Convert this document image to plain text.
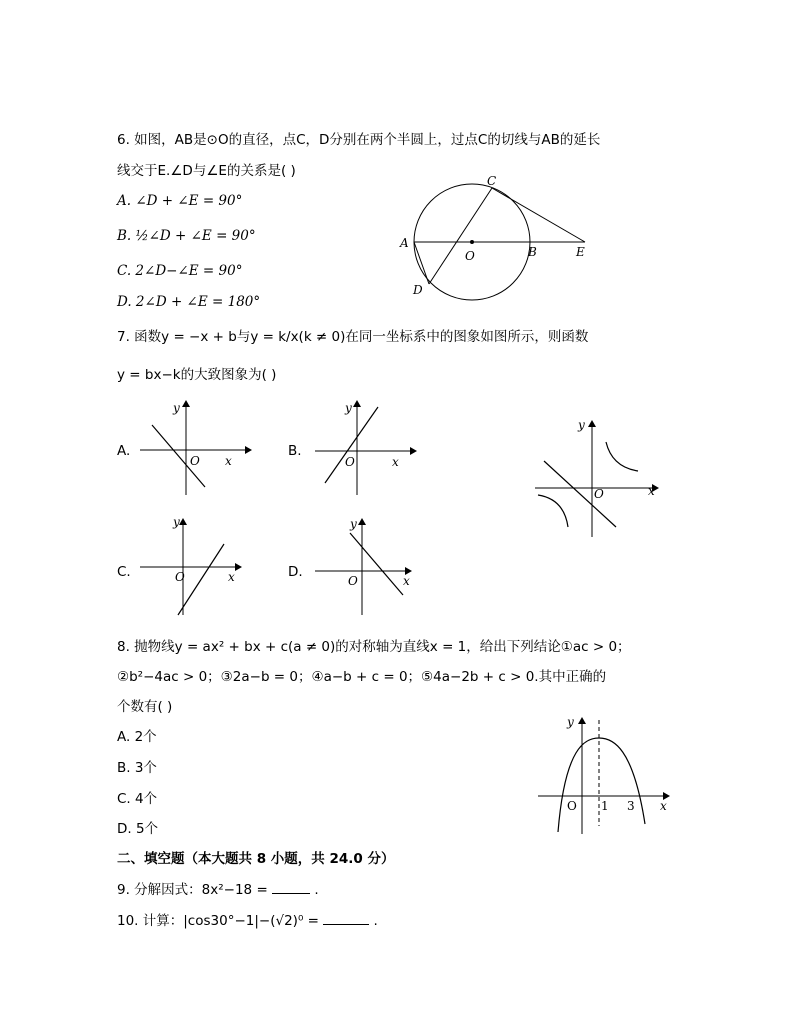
6. 如图，AB是⊙O的直径，点C，D分别在两个半圆上，过点C的切线与AB的延长
线交于E.∠D与∠E的关系是( )
A. ∠D + ∠E = 90°
B. ½∠D + ∠E = 90°
C. 2∠D−∠E = 90°
D. 2∠D + ∠E = 180°
A
C
O	B	E
D
7. 函数y = −x + b与y = k/x(k ≠ 0)在同一坐标系中的图象如图所示，则函数
y = bx−k的大致图象为( )
A.	B.
C.	D.
y
x
O
y
x
O
y
x
O
y
x
O
y
x
O
8. 抛物线y = ax² + bx + c(a ≠ 0)的对称轴为直线x = 1，给出下列结论①ac > 0；
②b²−4ac > 0；③2a−b = 0；④a−b + c = 0；⑤4a−2b + c > 0.其中正确的
个数有( )
A. 2个
B. 3个
C. 4个
D. 5个
y
x
O 1 3
二、填空题（本大题共 8 小题，共 24.0 分）
9. 分解因式：8x²−18 =	.
10. 计算：|cos30°−1|−(√2)⁰ =	.
